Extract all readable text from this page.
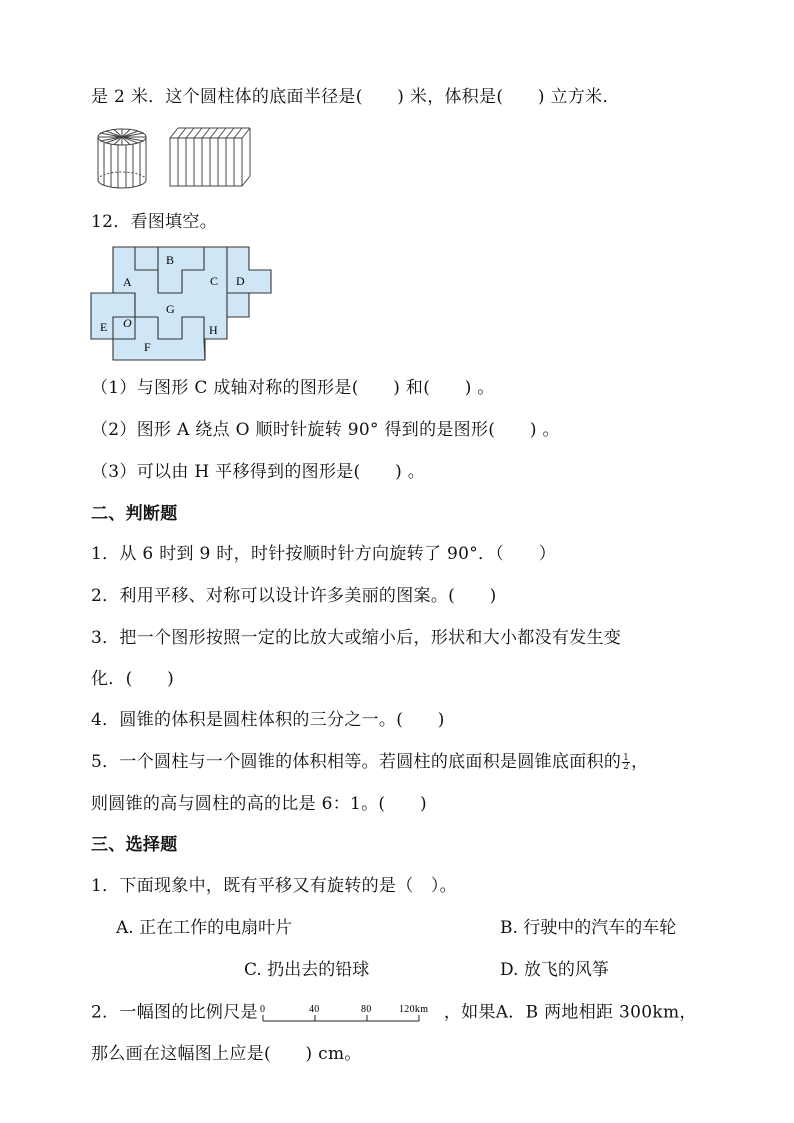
是 2 米．这个圆柱体的底面半径是(　　) 米，体积是(　　) 立方米．
12．看图填空。
B
A	C D
G
E O	H
F
（1）与图形 C 成轴对称的图形是(　　) 和(　　) 。
（2）图形 A 绕点 O 顺时针旋转 90° 得到的是图形(　　) 。
（3）可以由 H 平移得到的图形是(　　) 。
二、判断题
1．从 6 时到 9 时，时针按顺时针方向旋转了 90°．（　　）
2．利用平移、对称可以设计许多美丽的图案。(　　)
3．把一个图形按照一定的比放大或缩小后，形状和大小都没有发生变
化．(　　)
4．圆锥的体积是圆柱体积的三分之一。(　　)
5．一个圆柱与一个圆锥的体积相等。若圆柱的底面积是圆锥底面积的 $\frac{1}{2}$ ，
则圆锥的高与圆柱的高的比是 6：1。(　　)
三、选择题
1．下面现象中，既有平移又有旋转的是（　）。
A. 正在工作的电扇叶片	B. 行驶中的汽车的车轮
C. 扔出去的铅球	D. 放飞的风筝
2．一幅图的比例尺是 0	40	80	120km ，如果A．B 两地相距 300km，
那么画在这幅图上应是(　　) cm。
